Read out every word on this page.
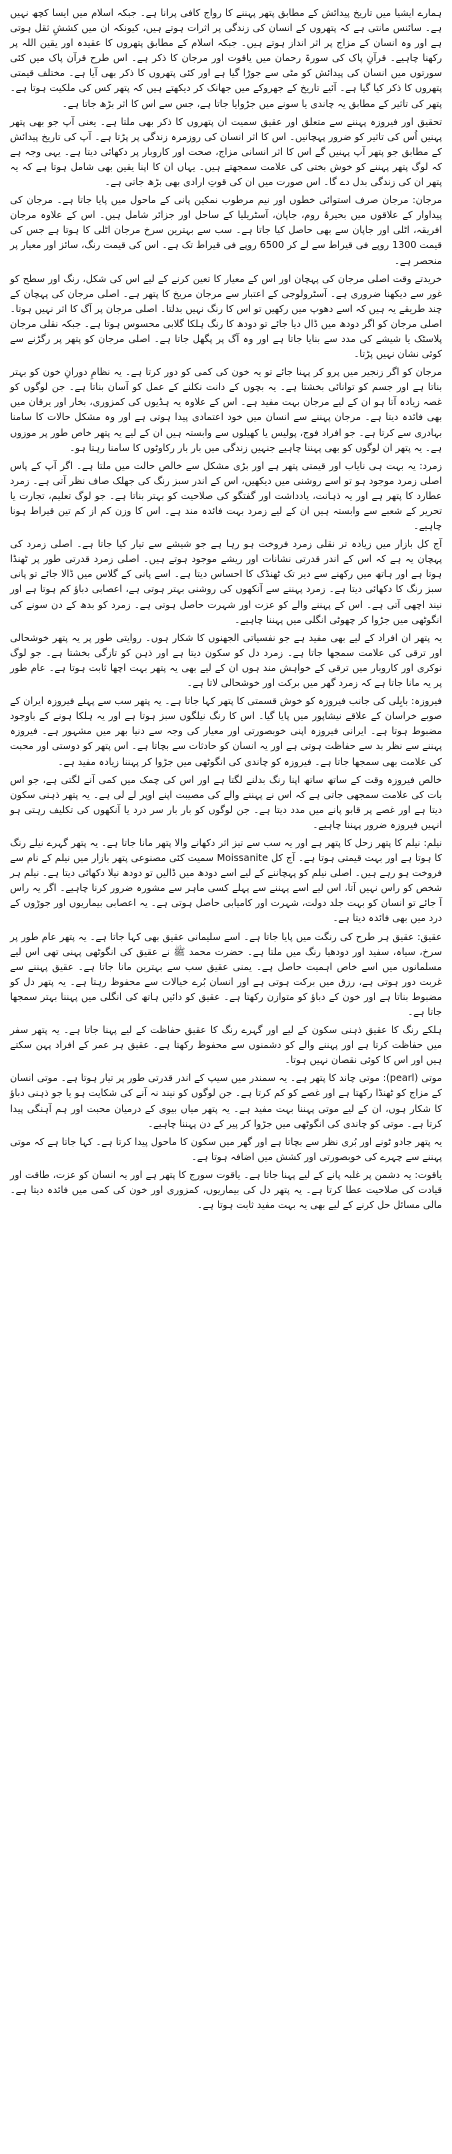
ہمارے ایشیا میں تاریخ پیدائش کے مطابق پتھر پہننے کا رواج کافی پرانا ہے۔ جبکہ اسلام میں ایسا کچھ نہیں ہے۔ سائنس مانتی ہے کہ پتھروں کے انسان کی زندگی پر اثرات ہوتے ہیں، کیونکہ ان میں کششِ ثقل ہوتی ہے اور وہ انسان کے مزاج پر اثر انداز ہوتے ہیں۔ جبکہ اسلام کے مطابق پتھروں کا عقیدہ اور یقین اللہ پر رکھنا چاہیے۔ قرآنِ پاک کی سورۃ رحمان میں یاقوت اور مرجان کا ذکر ہے۔ اس طرح قرآن پاک میں کئی سورتوں میں انسان کی پیدائش کو مٹی سے جوڑا گیا ہے اور کئی پتھروں کا ذکر بھی آیا ہے۔ مختلف قیمتی پتھروں کا ذکر کیا گیا ہے۔ آئیے تاریخ کے جھروکے میں جھانک کر دیکھتے ہیں کہ پتھر کس کی ملکیت ہوتا ہے۔ پتھر کی تاثیر کے مطابق یہ چاندی یا سونے میں جڑوایا جاتا ہے، جس سے اس کا اثر بڑھ جاتا ہے۔

تحقیق اور فیروزہ پہننے سے متعلق اور عقیق سمیت ان پتھروں کا ذکر بھی ملتا ہے۔ یعنی آپ جو بھی پتھر پہنیں اُس کی تاثیر کو ضرور پہچانیں۔ اس کا اثر انسان کی روزمرہ زندگی پر پڑتا ہے۔ آپ کی تاریخ پیدائش کے مطابق جو پتھر آپ پہنیں گے اس کا اثر انسانی مزاج، صحت اور کاروبار پر دکھائی دیتا ہے۔ یہی وجہ ہے کہ لوگ پتھر پہننے کو خوش بختی کی علامت سمجھتے ہیں۔ یہاں ان کا اپنا یقین بھی شامل ہوتا ہے کہ یہ پتھر ان کی زندگی بدل دے گا۔ اس صورت میں ان کی قوتِ ارادی بھی بڑھ جاتی ہے۔

مرجان: مرجان صرف استوائی خطوں اور نیم مرطوب نمکین پانی کے ماحول میں پایا جاتا ہے۔ مرجان کی پیداوار کے علاقوں میں بحیرۂ روم، جاپان، آسٹریلیا کے ساحل اور جزائر شامل ہیں۔ اس کے علاوہ مرجان افریقہ، اٹلی اور جاپان سے بھی حاصل کیا جاتا ہے۔ سب سے بہترین سرخ مرجان اٹلی کا ہوتا ہے جس کی قیمت 1300 روپے فی قیراط سے لے کر 6500 روپے فی قیراط تک ہے۔ اس کی قیمت رنگ، سائز اور معیار پر منحصر ہے۔

خریدتے وقت اصلی مرجان کی پہچان اور اس کے معیار کا تعین کرنے کے لیے اس کی شکل، رنگ اور سطح کو غور سے دیکھنا ضروری ہے۔ آسٹرولوجی کے اعتبار سے مرجان مریخ کا پتھر ہے۔ اصلی مرجان کی پہچان کے چند طریقے یہ ہیں کہ اسے دھوپ میں رکھیں تو اس کا رنگ نہیں بدلتا۔ اصلی مرجان پر آگ کا اثر نہیں ہوتا۔ اصلی مرجان کو اگر دودھ میں ڈال دیا جائے تو دودھ کا رنگ ہلکا گلابی محسوس ہوتا ہے۔ جبکہ نقلی مرجان پلاسٹک یا شیشے کی مدد سے بنایا جاتا ہے اور وہ آگ پر پگھل جاتا ہے۔ اصلی مرجان کو پتھر پر رگڑنے سے کوئی نشان نہیں پڑتا۔

مرجان کو اگر زنجیر میں پرو کر پہنا جائے تو یہ خون کی کمی کو دور کرتا ہے۔ یہ نظامِ دورانِ خون کو بہتر بناتا ہے اور جسم کو توانائی بخشتا ہے۔ یہ بچوں کے دانت نکلنے کے عمل کو آسان بناتا ہے۔ جن لوگوں کو غصہ زیادہ آتا ہو ان کے لیے مرجان بہت مفید ہے۔ اس کے علاوہ یہ ہڈیوں کی کمزوری، بخار اور یرقان میں بھی فائدہ دیتا ہے۔ مرجان پہننے سے انسان میں خود اعتمادی پیدا ہوتی ہے اور وہ مشکل حالات کا سامنا بہادری سے کرتا ہے۔ جو افراد فوج، پولیس یا کھیلوں سے وابستہ ہیں ان کے لیے یہ پتھر خاص طور پر موزوں ہے۔ یہ پتھر ان لوگوں کو بھی پہننا چاہیے جنہیں زندگی میں بار بار رکاوٹوں کا سامنا رہتا ہو۔

زمرد: یہ بہت ہی نایاب اور قیمتی پتھر ہے اور بڑی مشکل سے خالص حالت میں ملتا ہے۔ اگر آپ کے پاس اصلی زمرد موجود ہو تو اسے روشنی میں دیکھیں، اس کے اندر سبز رنگ کی جھلک صاف نظر آتی ہے۔ زمرد عطارد کا پتھر ہے اور یہ ذہانت، یادداشت اور گفتگو کی صلاحیت کو بہتر بناتا ہے۔ جو لوگ تعلیم، تجارت یا تحریر کے شعبے سے وابستہ ہیں ان کے لیے زمرد بہت فائدہ مند ہے۔ اس کا وزن کم از کم تین قیراط ہونا چاہیے۔

آج کل بازار میں زیادہ تر نقلی زمرد فروخت ہو رہا ہے جو شیشے سے تیار کیا جاتا ہے۔ اصلی زمرد کی پہچان یہ ہے کہ اس کے اندر قدرتی نشانات اور ریشے موجود ہوتے ہیں۔ اصلی زمرد قدرتی طور پر ٹھنڈا ہوتا ہے اور ہاتھ میں رکھنے سے دیر تک ٹھنڈک کا احساس دیتا ہے۔ اسے پانی کے گلاس میں ڈالا جائے تو پانی سبز رنگ کا دکھائی دیتا ہے۔ زمرد پہننے سے آنکھوں کی روشنی بہتر ہوتی ہے، اعصابی دباؤ کم ہوتا ہے اور نیند اچھی آتی ہے۔ اس کے پہننے والے کو عزت اور شہرت حاصل ہوتی ہے۔ زمرد کو بدھ کے دن سونے کی انگوٹھی میں جڑوا کر چھوٹی انگلی میں پہننا چاہیے۔

یہ پتھر ان افراد کے لیے بھی مفید ہے جو نفسیاتی الجھنوں کا شکار ہوں۔ روایتی طور پر یہ پتھر خوشحالی اور ترقی کی علامت سمجھا جاتا ہے۔ زمرد دل کو سکون دیتا ہے اور ذہن کو تازگی بخشتا ہے۔ جو لوگ نوکری اور کاروبار میں ترقی کے خواہش مند ہوں ان کے لیے بھی یہ پتھر بہت اچھا ثابت ہوتا ہے۔ عام طور پر یہ مانا جاتا ہے کہ زمرد گھر میں برکت اور خوشحالی لاتا ہے۔

فیروزہ: بابِلی کی جانب فیروزہ کو خوش قسمتی کا پتھر کہا جاتا ہے۔ یہ پتھر سب سے پہلے فیروزہ ایران کے صوبے خراسان کے علاقے نیشاپور میں پایا گیا۔ اس کا رنگ نیلگوں سبز ہوتا ہے اور یہ ہلکا ہونے کے باوجود مضبوط ہوتا ہے۔ ایرانی فیروزہ اپنی خوبصورتی اور معیار کی وجہ سے دنیا بھر میں مشہور ہے۔ فیروزہ پہننے سے نظر بد سے حفاظت ہوتی ہے اور یہ انسان کو حادثات سے بچاتا ہے۔ اس پتھر کو دوستی اور محبت کی علامت بھی سمجھا جاتا ہے۔ فیروزہ کو چاندی کی انگوٹھی میں جڑوا کر پہننا زیادہ مفید ہے۔

خالص فیروزہ وقت کے ساتھ ساتھ اپنا رنگ بدلنے لگتا ہے اور اس کی چمک میں کمی آنے لگتی ہے، جو اس بات کی علامت سمجھی جاتی ہے کہ اس نے پہننے والے کی مصیبت اپنے اوپر لے لی ہے۔ یہ پتھر ذہنی سکون دیتا ہے اور غصے پر قابو پانے میں مدد دیتا ہے۔ جن لوگوں کو بار بار سر درد یا آنکھوں کی تکلیف رہتی ہو انہیں فیروزہ ضرور پہننا چاہیے۔

نیلم: نیلم کا پتھر زحل کا پتھر ہے اور یہ سب سے تیز اثر دکھانے والا پتھر مانا جاتا ہے۔ یہ پتھر گہرے نیلے رنگ کا ہوتا ہے اور بہت قیمتی ہوتا ہے۔ آج کل Moissanite سمیت کئی مصنوعی پتھر بازار میں نیلم کے نام سے فروخت ہو رہے ہیں۔ اصلی نیلم کو پہچاننے کے لیے اسے دودھ میں ڈالیں تو دودھ نیلا دکھائی دیتا ہے۔ نیلم ہر شخص کو راس نہیں آتا، اس لیے اسے پہننے سے پہلے کسی ماہر سے مشورہ ضرور کرنا چاہیے۔ اگر یہ راس آ جائے تو انسان کو بہت جلد دولت، شہرت اور کامیابی حاصل ہوتی ہے۔ یہ اعصابی بیماریوں اور جوڑوں کے درد میں بھی فائدہ دیتا ہے۔

عقیق: عقیق ہر طرح کی رنگت میں پایا جاتا ہے۔ اسے سلیمانی عقیق بھی کہا جاتا ہے۔ یہ پتھر عام طور پر سرخ، سیاہ، سفید اور دودھیا رنگ میں ملتا ہے۔ حضرت محمد ﷺ نے عقیق کی انگوٹھی پہنی تھی اس لیے مسلمانوں میں اسے خاص اہمیت حاصل ہے۔ یمنی عقیق سب سے بہترین مانا جاتا ہے۔ عقیق پہننے سے غربت دور ہوتی ہے، رزق میں برکت ہوتی ہے اور انسان بُرے خیالات سے محفوظ رہتا ہے۔ یہ پتھر دل کو مضبوط بناتا ہے اور خون کے دباؤ کو متوازن رکھتا ہے۔ عقیق کو دائیں ہاتھ کی انگلی میں پہننا بہتر سمجھا جاتا ہے۔

ہلکے رنگ کا عقیق ذہنی سکون کے لیے اور گہرے رنگ کا عقیق حفاظت کے لیے پہنا جاتا ہے۔ یہ پتھر سفر میں حفاظت کرتا ہے اور پہننے والے کو دشمنوں سے محفوظ رکھتا ہے۔ عقیق ہر عمر کے افراد پہن سکتے ہیں اور اس کا کوئی نقصان نہیں ہوتا۔

موتی (pearl): موتی چاند کا پتھر ہے۔ یہ سمندر میں سیپ کے اندر قدرتی طور پر تیار ہوتا ہے۔ موتی انسان کے مزاج کو ٹھنڈا رکھتا ہے اور غصے کو کم کرتا ہے۔ جن لوگوں کو نیند نہ آنے کی شکایت ہو یا جو ذہنی دباؤ کا شکار ہوں، ان کے لیے موتی پہننا بہت مفید ہے۔ یہ پتھر میاں بیوی کے درمیان محبت اور ہم آہنگی پیدا کرتا ہے۔ موتی کو چاندی کی انگوٹھی میں جڑوا کر پیر کے دن پہننا چاہیے۔

یہ پتھر جادو ٹونے اور بُری نظر سے بچاتا ہے اور گھر میں سکون کا ماحول پیدا کرتا ہے۔ کہا جاتا ہے کہ موتی پہننے سے چہرے کی خوبصورتی اور کشش میں اضافہ ہوتا ہے۔

یاقوت: یہ دشمن پر غلبہ پانے کے لیے پہنا جاتا ہے۔ یاقوت سورج کا پتھر ہے اور یہ انسان کو عزت، طاقت اور قیادت کی صلاحیت عطا کرتا ہے۔ یہ پتھر دل کی بیماریوں، کمزوری اور خون کی کمی میں فائدہ دیتا ہے۔ مالی مسائل حل کرنے کے لیے بھی یہ بہت مفید ثابت ہوتا ہے۔
